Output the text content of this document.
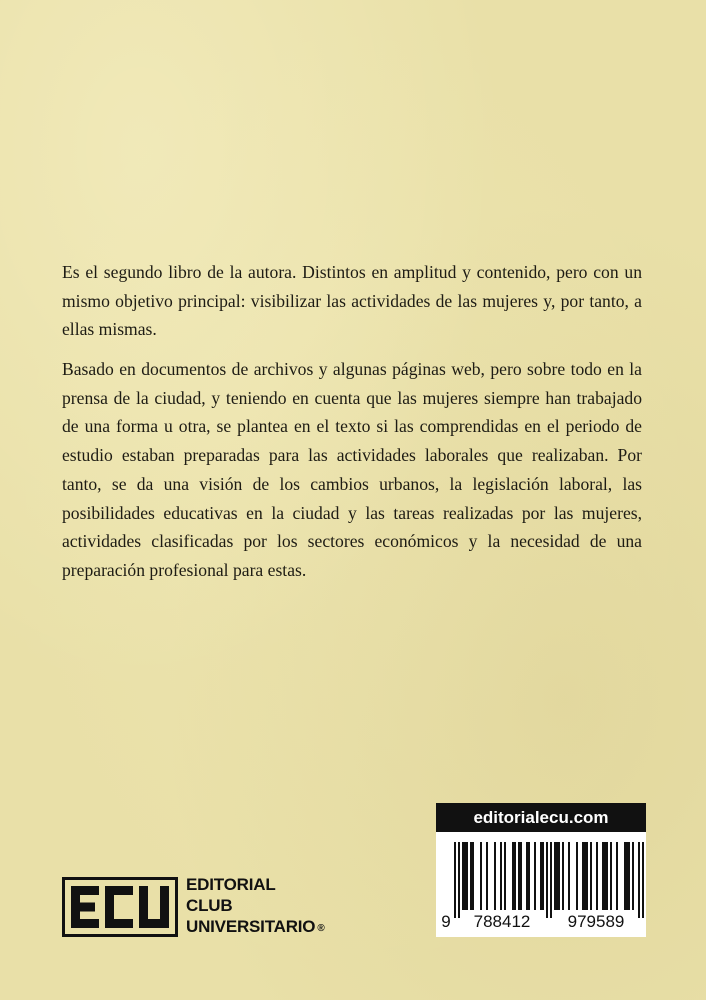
Es el segundo libro de la autora. Distintos en amplitud y contenido, pero con un mismo objetivo principal: visibilizar las actividades de las mujeres y, por tanto, a ellas mismas.

Basado en documentos de archivos y algunas páginas web, pero sobre todo en la prensa de la ciudad, y teniendo en cuenta que las mujeres siempre han trabajado de una forma u otra, se plantea en el texto si las comprendidas en el periodo de estudio estaban preparadas para las actividades laborales que realizaban. Por tanto, se da una visión de los cambios urbanos, la legislación laboral, las posibilidades educativas en la ciudad y las tareas realizadas por las mujeres, actividades clasificadas por los sectores económicos y la necesidad de una preparación profesional para estas.

EDITORIAL
CLUB
UNIVERSITARIO ®
editorialecu.com
9 788412 979589
